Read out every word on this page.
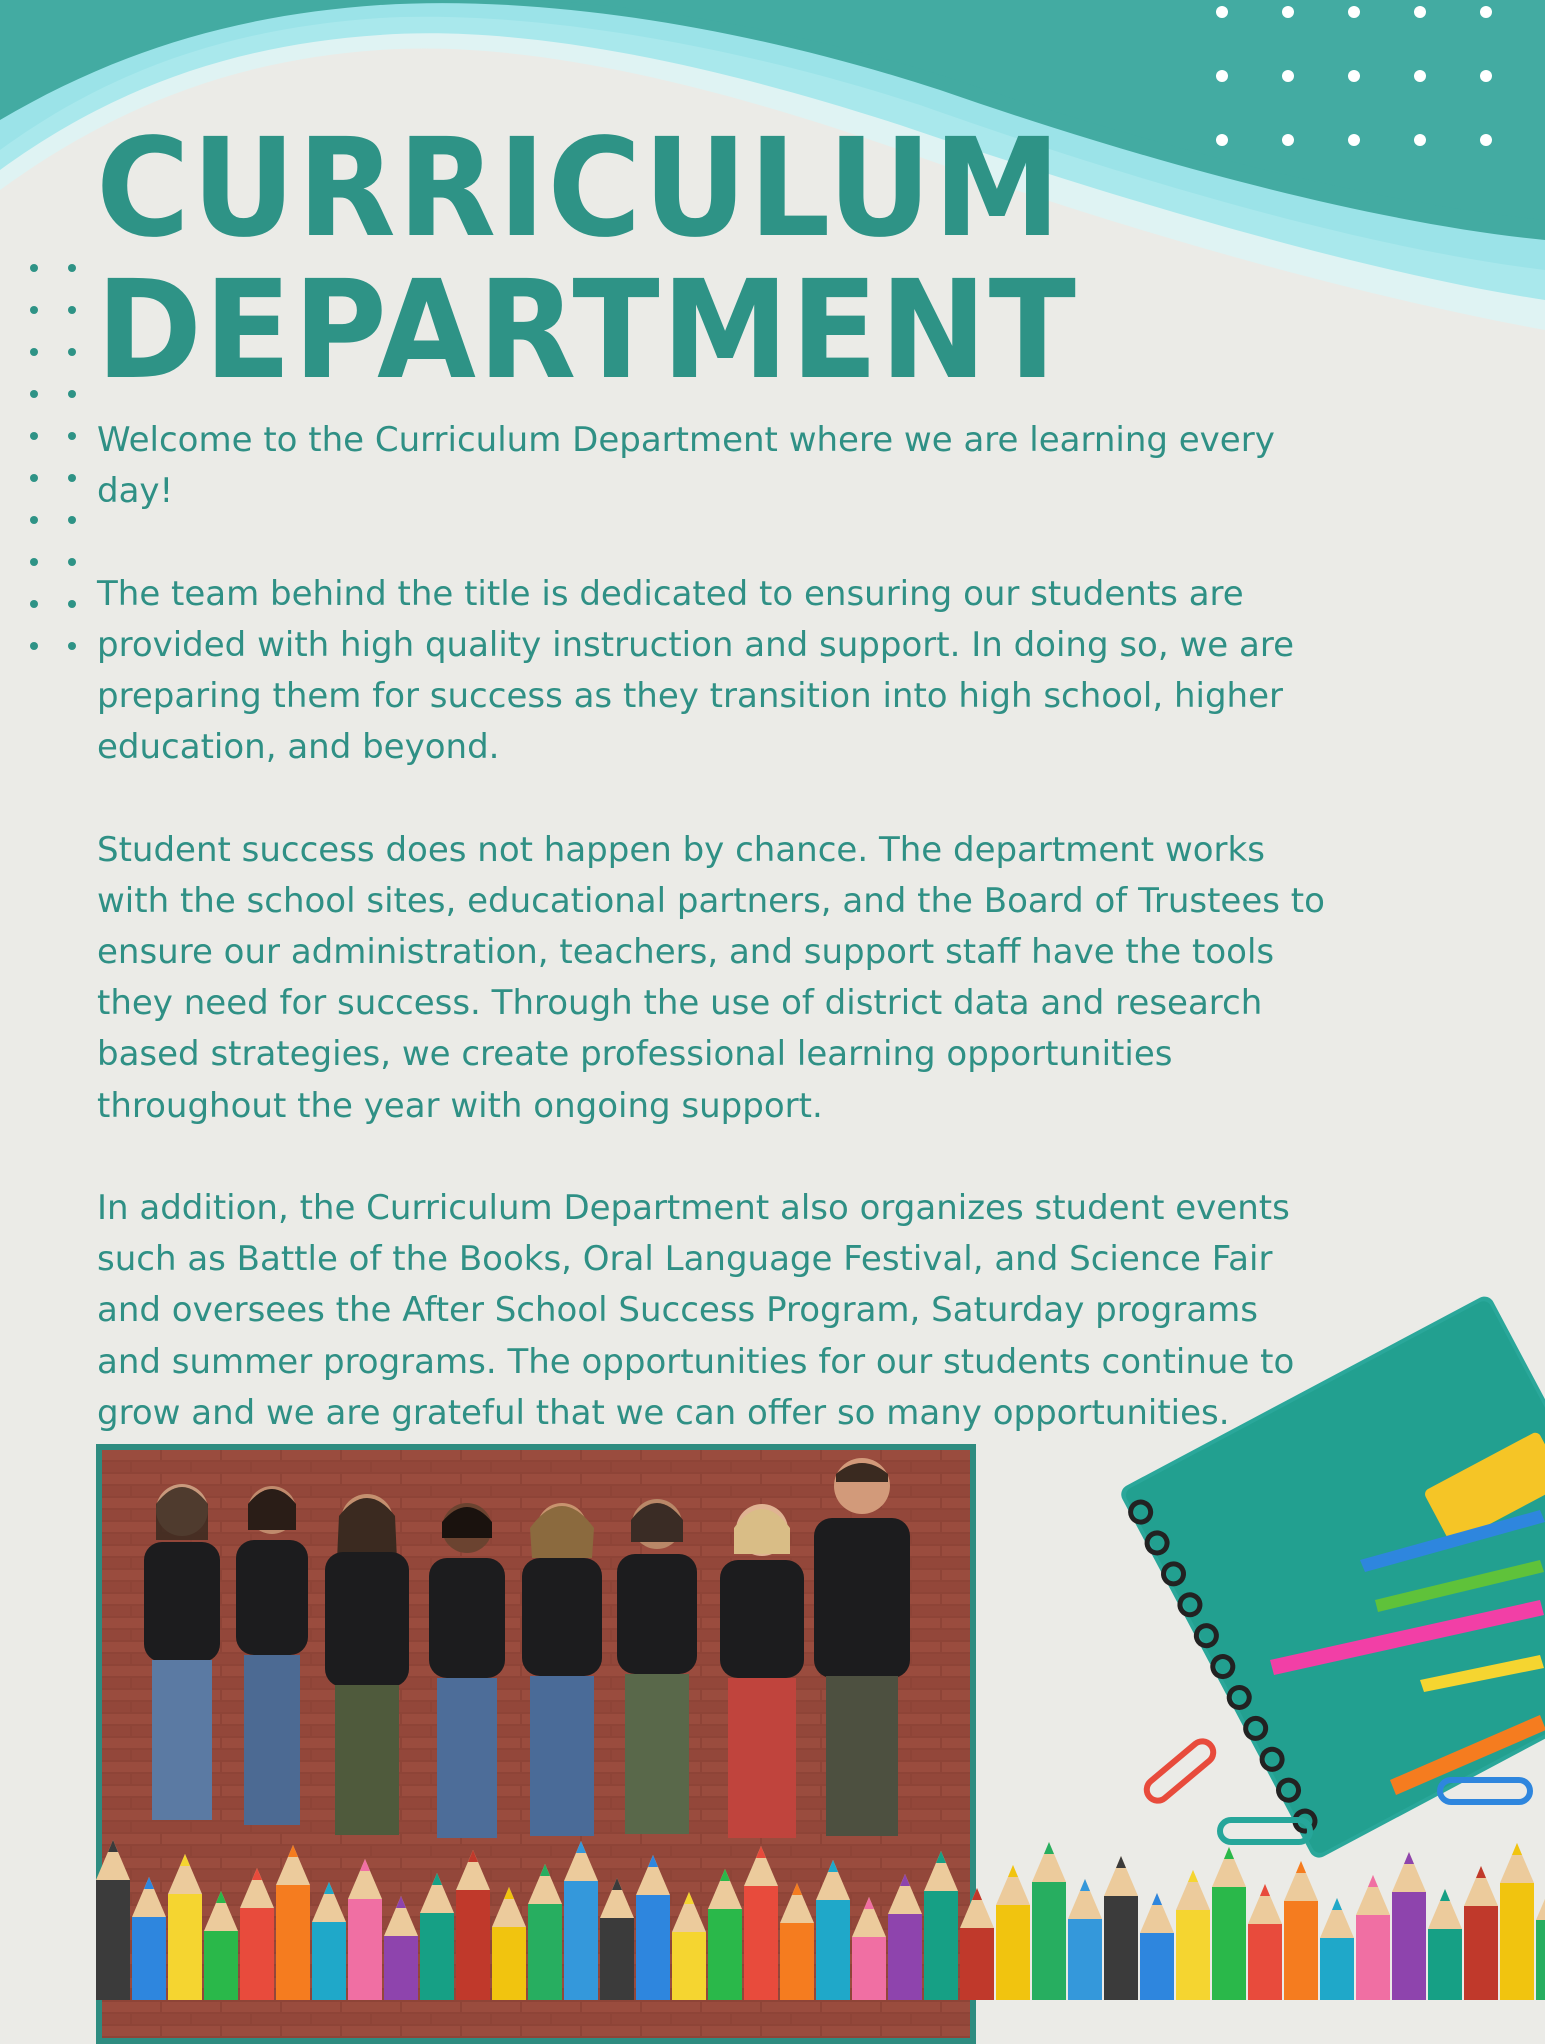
CURRICULUM
DEPARTMENT

Welcome to the Curriculum Department where we are learning every
day!

The team behind the title is dedicated to ensuring our students are
provided with high quality instruction and support. In doing so, we are
preparing them for success as they transition into high school, higher
education, and beyond.

Student success does not happen by chance. The department works
with the school sites, educational partners, and the Board of Trustees to
ensure our administration, teachers, and support staff have the tools
they need for success. Through the use of district data and research
based strategies, we create professional learning opportunities
throughout the year with ongoing support.

In addition, the Curriculum Department also organizes student events
such as Battle of the Books, Oral Language Festival, and Science Fair
and oversees the After School Success Program, Saturday programs
and summer programs. The opportunities for our students continue to
grow and we are grateful that we can offer so many opportunities.
